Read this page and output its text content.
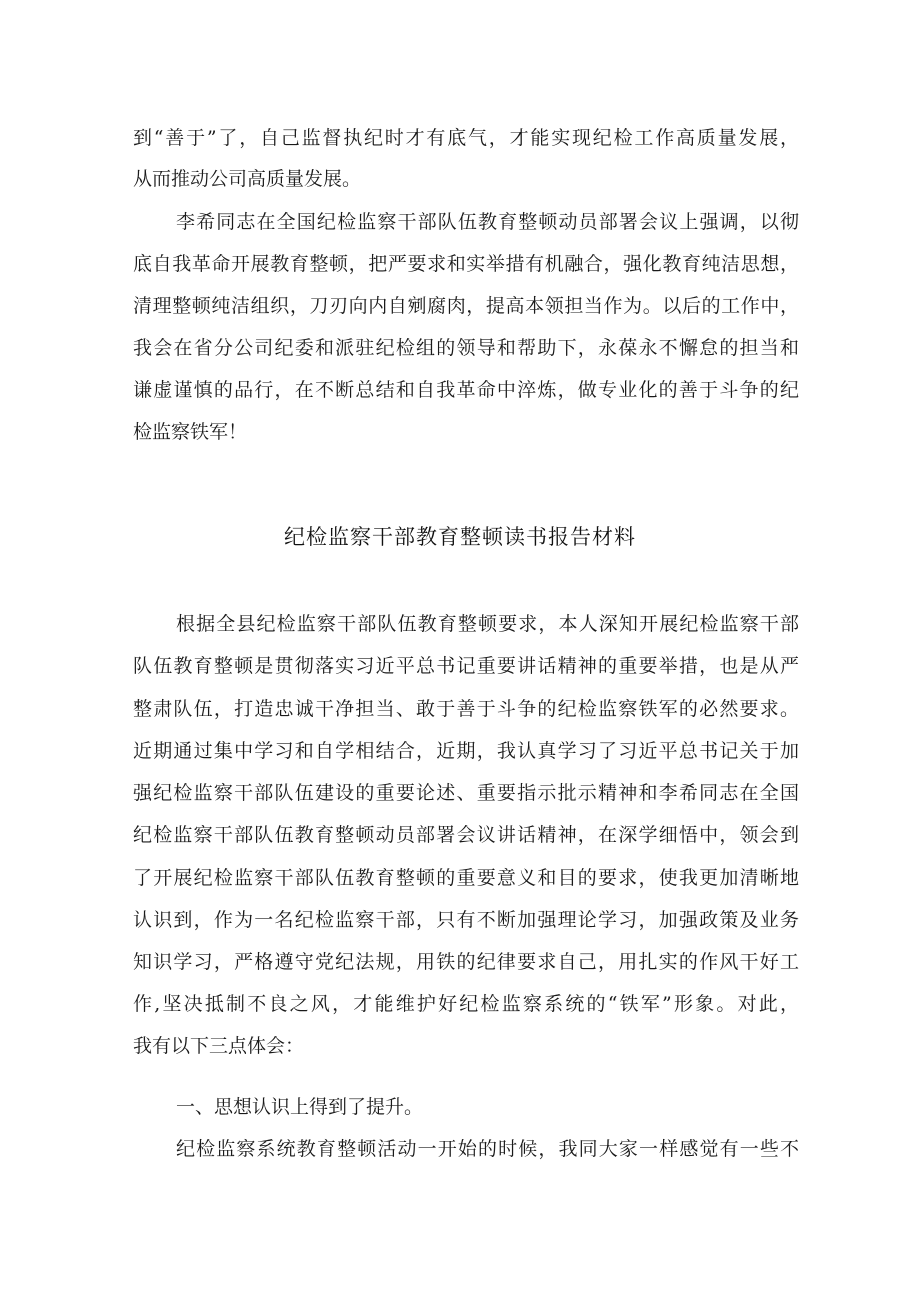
到“善于”了，自己监督执纪时才有底气，才能实现纪检工作高质量发展，
从而推动公司高质量发展。
李希同志在全国纪检监察干部队伍教育整顿动员部署会议上强调，以彻
底自我革命开展教育整顿，把严要求和实举措有机融合，强化教育纯洁思想，
清理整顿纯洁组织，刀刃向内自剜腐肉，提高本领担当作为。以后的工作中，
我会在省分公司纪委和派驻纪检组的领导和帮助下，永葆永不懈怠的担当和
谦虚谨慎的品行，在不断总结和自我革命中淬炼，做专业化的善于斗争的纪
检监察铁军！
纪检监察干部教育整顿读书报告材料
根据全县纪检监察干部队伍教育整顿要求，本人深知开展纪检监察干部
队伍教育整顿是贯彻落实习近平总书记重要讲话精神的重要举措，也是从严
整肃队伍，打造忠诚干净担当、敢于善于斗争的纪检监察铁军的必然要求。
近期通过集中学习和自学相结合，近期，我认真学习了习近平总书记关于加
强纪检监察干部队伍建设的重要论述、重要指示批示精神和李希同志在全国
纪检监察干部队伍教育整顿动员部署会议讲话精神，在深学细悟中，领会到
了开展纪检监察干部队伍教育整顿的重要意义和目的要求，使我更加清晰地
认识到，作为一名纪检监察干部，只有不断加强理论学习，加强政策及业务
知识学习，严格遵守党纪法规，用铁的纪律要求自己，用扎实的作风干好工
作,坚决抵制不良之风，才能维护好纪检监察系统的“铁军”形象。对此，
我有以下三点体会：
一、思想认识上得到了提升。
纪检监察系统教育整顿活动一开始的时候，我同大家一样感觉有一些不
